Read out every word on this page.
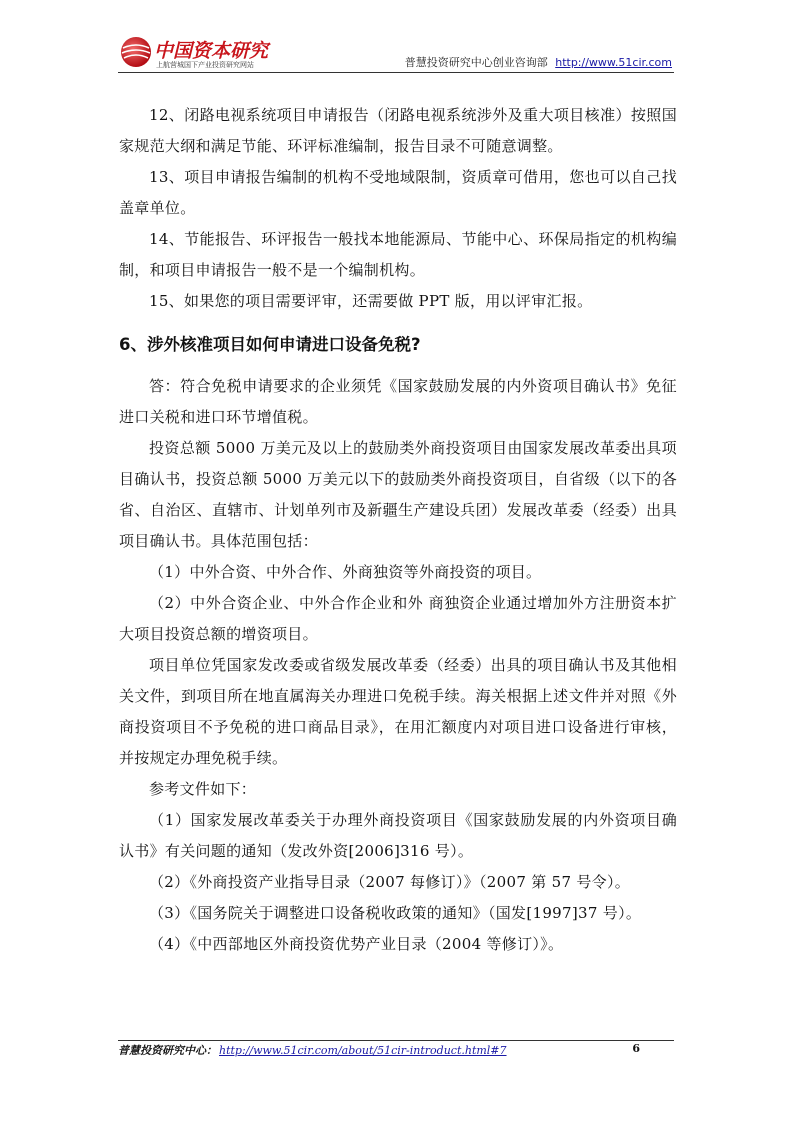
中国资本研究
上航营城国下产业投资研究网站	普慧投资研究中心创业咨询部 http://www.51cir.com

12、闭路电视系统项目申请报告（闭路电视系统涉外及重大项目核准）按照国家规范大纲和满足节能、环评标准编制，报告目录不可随意调整。

13、项目申请报告编制的机构不受地域限制，资质章可借用，您也可以自己找盖章单位。

14、节能报告、环评报告一般找本地能源局、节能中心、环保局指定的机构编制，和项目申请报告一般不是一个编制机构。

15、如果您的项目需要评审，还需要做 PPT 版，用以评审汇报。

6、涉外核准项目如何申请进口设备免税?

答：符合免税申请要求的企业须凭《国家鼓励发展的内外资项目确认书》免征进口关税和进口环节增值税。

投资总额 5000 万美元及以上的鼓励类外商投资项目由国家发展改革委出具项目确认书，投资总额 5000 万美元以下的鼓励类外商投资项目，自省级（以下的各省、自治区、直辖市、计划单列市及新疆生产建设兵团）发展改革委（经委）出具项目确认书。具体范围包括：

（1）中外合资、中外合作、外商独资等外商投资的项目。

（2）中外合资企业、中外合作企业和外 商独资企业通过增加外方注册资本扩大项目投资总额的增资项目。

项目单位凭国家发改委或省级发展改革委（经委）出具的项目确认书及其他相关文件，到项目所在地直属海关办理进口免税手续。海关根据上述文件并对照《外商投资项目不予免税的进口商品目录》，在用汇额度内对项目进口设备进行审核，并按规定办理免税手续。

参考文件如下：

（1）国家发展改革委关于办理外商投资项目《国家鼓励发展的内外资项目确认书》有关问题的通知（发改外资[2006]316 号）。

（2）《外商投资产业指导目录（2007 每修订）》（2007 第 57 号令）。

（3）《国务院关于调整进口设备税收政策的通知》（国发[1997]37 号）。

（4）《中西部地区外商投资优势产业目录（2004 等修订）》。

普慧投资研究中心： http://www.51cir.com/about/51cir-introduct.html#7	6
